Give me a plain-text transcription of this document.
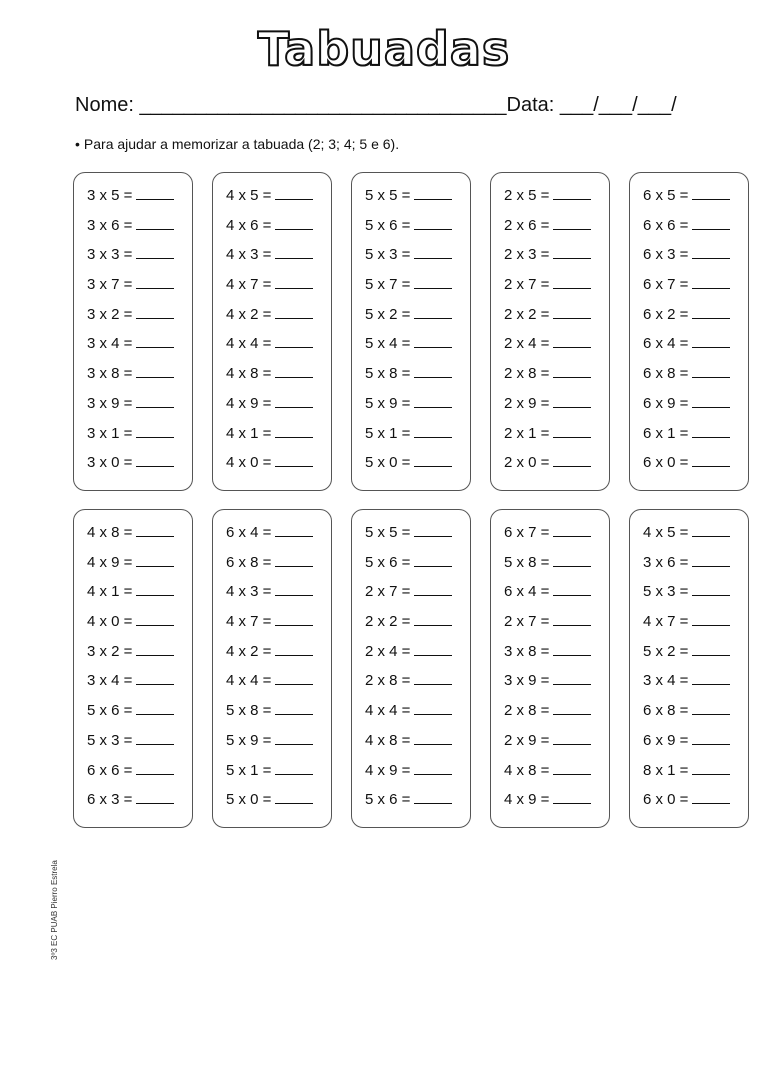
Tabuadas
Nome: _________________________________Data: ___/___/___/
• Para ajudar a memorizar a tabuada (2; 3; 4; 5 e 6).
3 x 5 =
3 x 6 =
3 x 3 =
3 x 7 =
3 x 2 =
3 x 4 =
3 x 8 =
3 x 9 =
3 x 1 =
3 x 0 =
4 x 5 =
4 x 6 =
4 x 3 =
4 x 7 =
4 x 2 =
4 x 4 =
4 x 8 =
4 x 9 =
4 x 1 =
4 x 0 =
5 x 5 =
5 x 6 =
5 x 3 =
5 x 7 =
5 x 2 =
5 x 4 =
5 x 8 =
5 x 9 =
5 x 1 =
5 x 0 =
2 x 5 =
2 x 6 =
2 x 3 =
2 x 7 =
2 x 2 =
2 x 4 =
2 x 8 =
2 x 9 =
2 x 1 =
2 x 0 =
6 x 5 =
6 x 6 =
6 x 3 =
6 x 7 =
6 x 2 =
6 x 4 =
6 x 8 =
6 x 9 =
6 x 1 =
6 x 0 =
4 x 8 =
4 x 9 =
4 x 1 =
4 x 0 =
3 x 2 =
3 x 4 =
5 x 6 =
5 x 3 =
6 x 6 =
6 x 3 =
6 x 4 =
6 x 8 =
4 x 3 =
4 x 7 =
4 x 2 =
4 x 4 =
5 x 8 =
5 x 9 =
5 x 1 =
5 x 0 =
5 x 5 =
5 x 6 =
2 x 7 =
2 x 2 =
2 x 4 =
2 x 8 =
4 x 4 =
4 x 8 =
4 x 9 =
5 x 6 =
6 x 7 =
5 x 8 =
6 x 4 =
2 x 7 =
3 x 8 =
3 x 9 =
2 x 8 =
2 x 9 =
4 x 8 =
4 x 9 =
4 x 5 =
3 x 6 =
5 x 3 =
4 x 7 =
5 x 2 =
3 x 4 =
6 x 8 =
6 x 9 =
8 x 1 =
6 x 0 =
3º3 EC PUAB Pierro Estrela
